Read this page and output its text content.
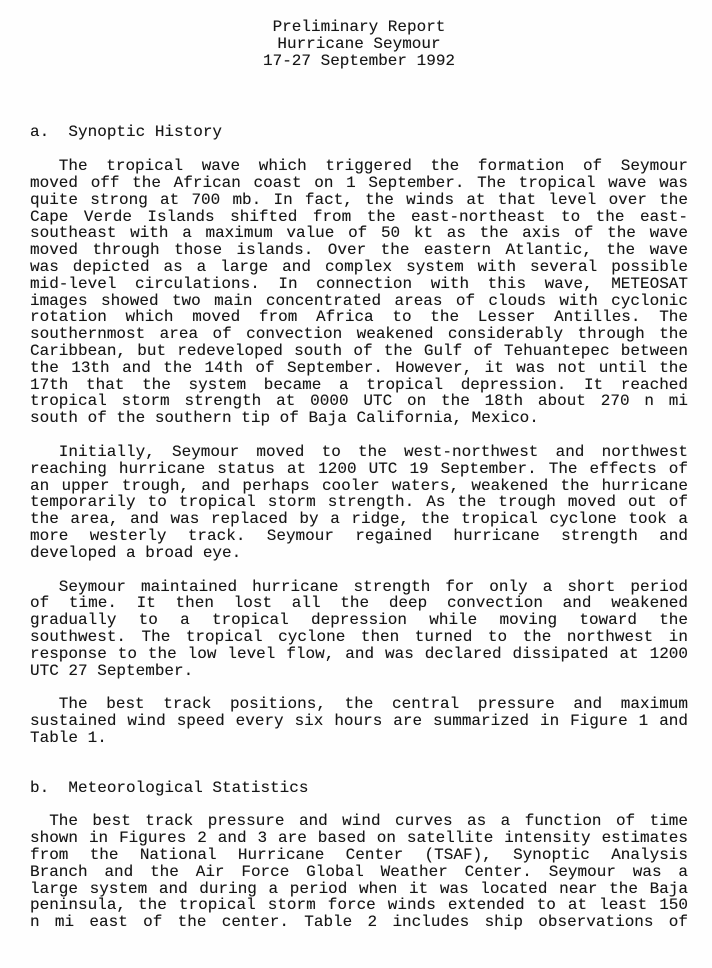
Preliminary Report
Hurricane Seymour
17-27 September 1992
a.  Synoptic History
The tropical wave which triggered the formation of Seymour
moved off the African coast on 1 September. The tropical wave was
quite strong at 700 mb. In fact, the winds at that level over the
Cape Verde Islands shifted from the east-northeast to the east-
southeast with a maximum value of 50 kt as the axis of the wave
moved through those islands. Over the eastern Atlantic, the wave
was depicted as a large and complex system with several possible
mid-level circulations. In connection with this wave, METEOSAT
images showed two main concentrated areas of clouds with cyclonic
rotation which moved from Africa to the Lesser Antilles. The
southernmost area of convection weakened considerably through the
Caribbean, but redeveloped south of the Gulf of Tehuantepec between
the 13th and the 14th of September. However, it was not until the
17th that the system became a tropical depression. It reached
tropical storm strength at 0000 UTC on the 18th about 270 n mi
south of the southern tip of Baja California, Mexico.
Initially, Seymour moved to the west-northwest and northwest
reaching hurricane status at 1200 UTC 19 September. The effects of
an upper trough, and perhaps cooler waters, weakened the hurricane
temporarily to tropical storm strength. As the trough moved out of
the area, and was replaced by a ridge, the tropical cyclone took a
more westerly track. Seymour regained hurricane strength and
developed a broad eye.
Seymour maintained hurricane strength for only a short period
of time. It then lost all the deep convection and weakened
gradually to a tropical depression while moving toward the
southwest. The tropical cyclone then turned to the northwest in
response to the low level flow, and was declared dissipated at 1200
UTC 27 September.
The best track positions, the central pressure and maximum
sustained wind speed every six hours are summarized in Figure 1 and
Table 1.
b.  Meteorological Statistics
The best track pressure and wind curves as a function of time
shown in Figures 2 and 3 are based on satellite intensity estimates
from the National Hurricane Center (TSAF), Synoptic Analysis
Branch and the Air Force Global Weather Center. Seymour was a
large system and during a period when it was located near the Baja
peninsula, the tropical storm force winds extended to at least 150
n mi east of the center. Table 2 includes ship observations of
